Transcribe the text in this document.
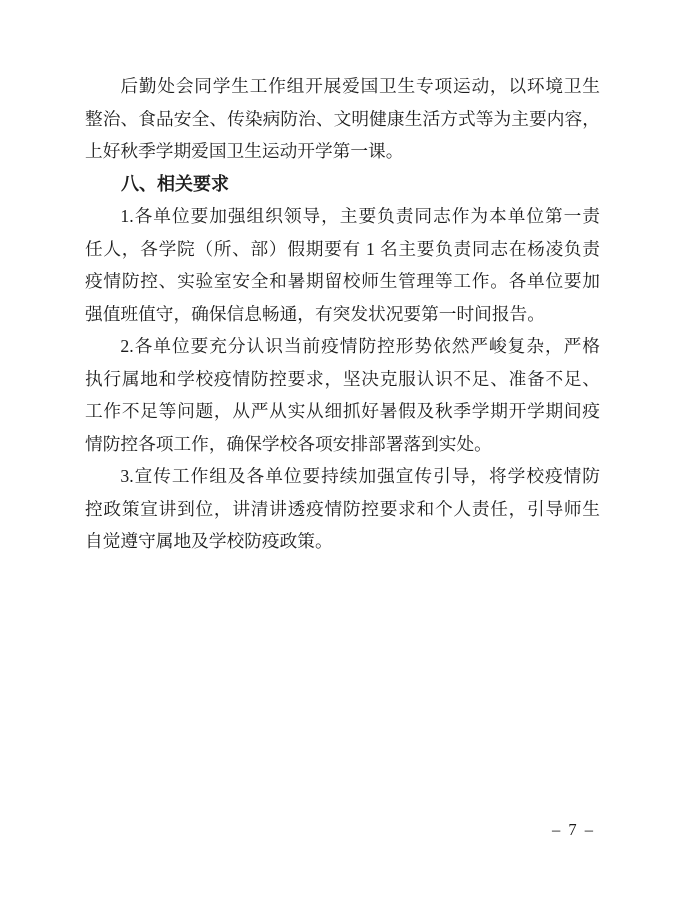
后勤处会同学生工作组开展爱国卫生专项运动，以环境卫生
整治、食品安全、传染病防治、文明健康生活方式等为主要内容，
上好秋季学期爱国卫生运动开学第一课。
八、相关要求
1.各单位要加强组织领导，主要负责同志作为本单位第一责
任人，各学院（所、部）假期要有 1 名主要负责同志在杨凌负责
疫情防控、实验室安全和暑期留校师生管理等工作。各单位要加
强值班值守，确保信息畅通，有突发状况要第一时间报告。
2.各单位要充分认识当前疫情防控形势依然严峻复杂，严格
执行属地和学校疫情防控要求，坚决克服认识不足、准备不足、
工作不足等问题，从严从实从细抓好暑假及秋季学期开学期间疫
情防控各项工作，确保学校各项安排部署落到实处。
3.宣传工作组及各单位要持续加强宣传引导，将学校疫情防
控政策宣讲到位，讲清讲透疫情防控要求和个人责任，引导师生
自觉遵守属地及学校防疫政策。
– 7 –
